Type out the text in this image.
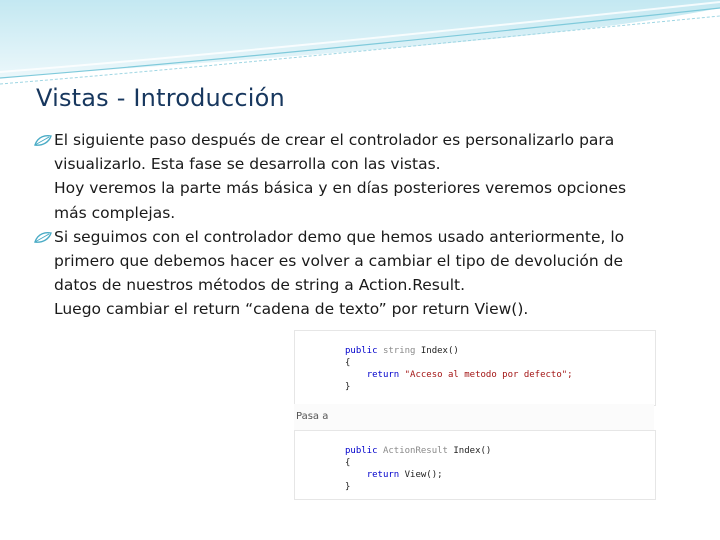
Vistas - Introducción
El siguiente paso después de crear el controlador es personalizarlo para
visualizarlo. Esta fase se desarrolla con las vistas.
Hoy veremos la parte más básica y en días posteriores veremos opciones
más complejas.
Si seguimos con el controlador demo que hemos usado anteriormente, lo
primero que debemos hacer es volver a cambiar el tipo de devolución de
datos de nuestros métodos de string a Action.Result.
Luego cambiar el return “cadena de texto” por return View().
public string Index()
{
return "Acceso al metodo por defecto";
}
Pasa a
public ActionResult Index()
{
return View();
}
